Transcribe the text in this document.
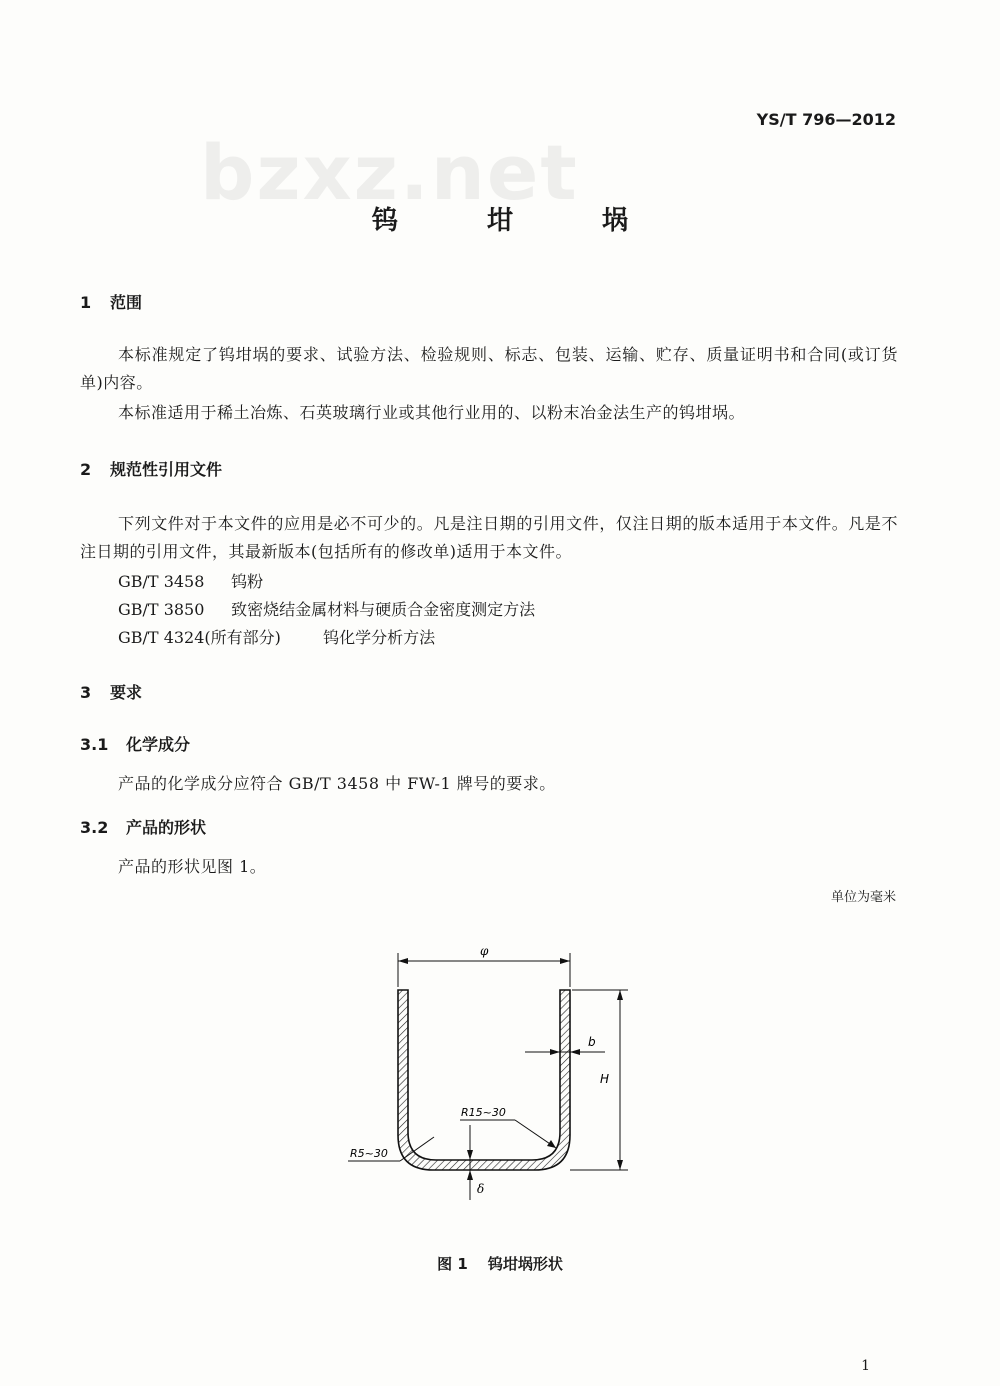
YS/T 796—2012
bzxz.net
钨 坩 埚
1 范围
本标准规定了钨坩埚的要求、试验方法、检验规则、标志、包装、运输、贮存、质量证明书和合同(或订货单)内容。
本标准适用于稀土冶炼、石英玻璃行业或其他行业用的、以粉末冶金法生产的钨坩埚。
2 规范性引用文件
下列文件对于本文件的应用是必不可少的。凡是注日期的引用文件，仅注日期的版本适用于本文件。凡是不注日期的引用文件，其最新版本(包括所有的修改单)适用于本文件。
GB/T 3458 钨粉
GB/T 3850 致密烧结金属材料与硬质合金密度测定方法
GB/T 4324(所有部分)	钨化学分析方法
3 要求
3.1 化学成分
产品的化学成分应符合 GB/T 3458 中 FW-1 牌号的要求。
3.2 产品的形状
产品的形状见图 1。
单位为毫米
φ
H
b
R15~30
R5~30
δ
图 1 钨坩埚形状
1
